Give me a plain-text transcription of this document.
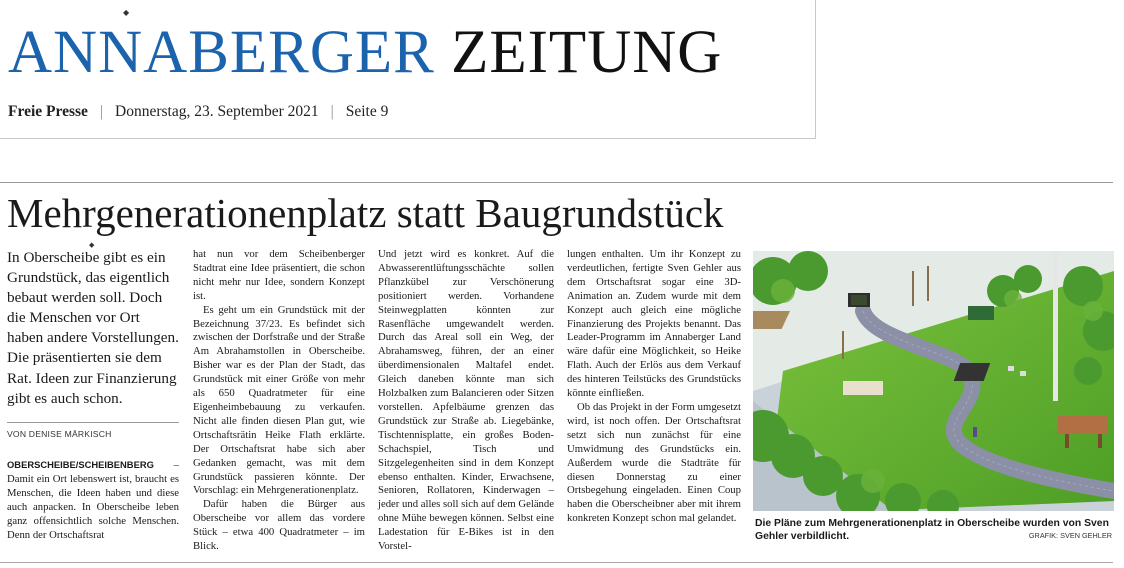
◆
ANNABERGER ZEITUNG
Freie Presse | Donnerstag, 23. September 2021 | Seite 9
Mehrgenerationenplatz statt Baugrundstück
◆
In Oberscheibe gibt es ein Grundstück, das eigentlich bebaut werden soll. Doch die Menschen vor Ort haben andere Vorstellungen. Die präsentierten sie dem Rat. Ideen zur Finanzierung gibt es auch schon.
VON DENISE MÄRKISCH

OBERSCHEIBE/SCHEIBENBERG – Damit ein Ort lebenswert ist, braucht es Menschen, die Ideen haben und diese auch anpacken. In Oberscheibe leben ganz offensichtlich solche Menschen. Denn der Ortschaftsrat

hat nun vor dem Scheibenberger Stadtrat eine Idee präsentiert, die schon nicht mehr nur Idee, sondern Konzept ist.

Es geht um ein Grundstück mit der Bezeichnung 37/23. Es befindet sich zwischen der Dorfstraße und der Straße Am Abrahamstollen in Oberscheibe. Bisher war es der Plan der Stadt, das Grundstück mit einer Größe von mehr als 650 Quadratmeter für eine Eigenheimbebauung zu verkaufen. Nicht alle finden diesen Plan gut, wie Ortschaftsrätin Heike Flath erklärte. Der Ortschaftsrat habe sich aber Gedanken gemacht, was mit dem Grundstück passieren könnte. Der Vorschlag: ein Mehrgenerationenplatz.

Dafür haben die Bürger aus Oberscheibe vor allem das vordere Stück – etwa 400 Quadratmeter – im Blick.

Und jetzt wird es konkret. Auf die Abwasserentlüftungsschächte sollen Pflanzkübel zur Verschönerung positioniert werden. Vorhandene Steinwegplatten könnten zur Rasenfläche umgewandelt werden. Durch das Areal soll ein Weg, der Abrahamsweg, führen, der an einer überdimensionalen Maltafel endet. Gleich daneben könnte man sich Holzbalken zum Balancieren oder Sitzen vorstellen. Apfelbäume grenzen das Grundstück zur Straße ab. Liegebänke, Tischtennisplatte, ein großes Boden-Schachspiel, Tisch und Sitzgelegenheiten sind in dem Konzept ebenso enthalten. Kinder, Erwachsene, Senioren, Rollatoren, Kinderwagen – jeder und alles soll sich auf dem Gelände ohne Mühe bewegen können. Selbst eine Ladestation für E-Bikes ist in den Vorstel-

lungen enthalten. Um ihr Konzept zu verdeutlichen, fertigte Sven Gehler aus dem Ortschaftsrat sogar eine 3D-Animation an. Zudem wurde mit dem Konzept auch gleich eine mögliche Finanzierung des Projekts benannt. Das Leader-Programm im Annaberger Land wäre dafür eine Möglichkeit, so Heike Flath. Auch der Erlös aus dem Verkauf des hinteren Teilstücks des Grundstücks könnte einfließen.

Ob das Projekt in der Form umgesetzt wird, ist noch offen. Der Ortschaftsrat setzt sich nun zunächst für eine Umwidmung des Grundstücks ein. Außerdem wurde die Stadträte für diesen Donnerstag zu einer Ortsbegehung eingeladen. Einen Coup haben die Oberscheibner aber mit ihrem konkreten Konzept schon mal gelandet.	Die Pläne zum Mehrgenerationenplatz in Oberscheibe wurden von Sven Gehler verbildlicht.	GRAFIK: SVEN GEHLER
